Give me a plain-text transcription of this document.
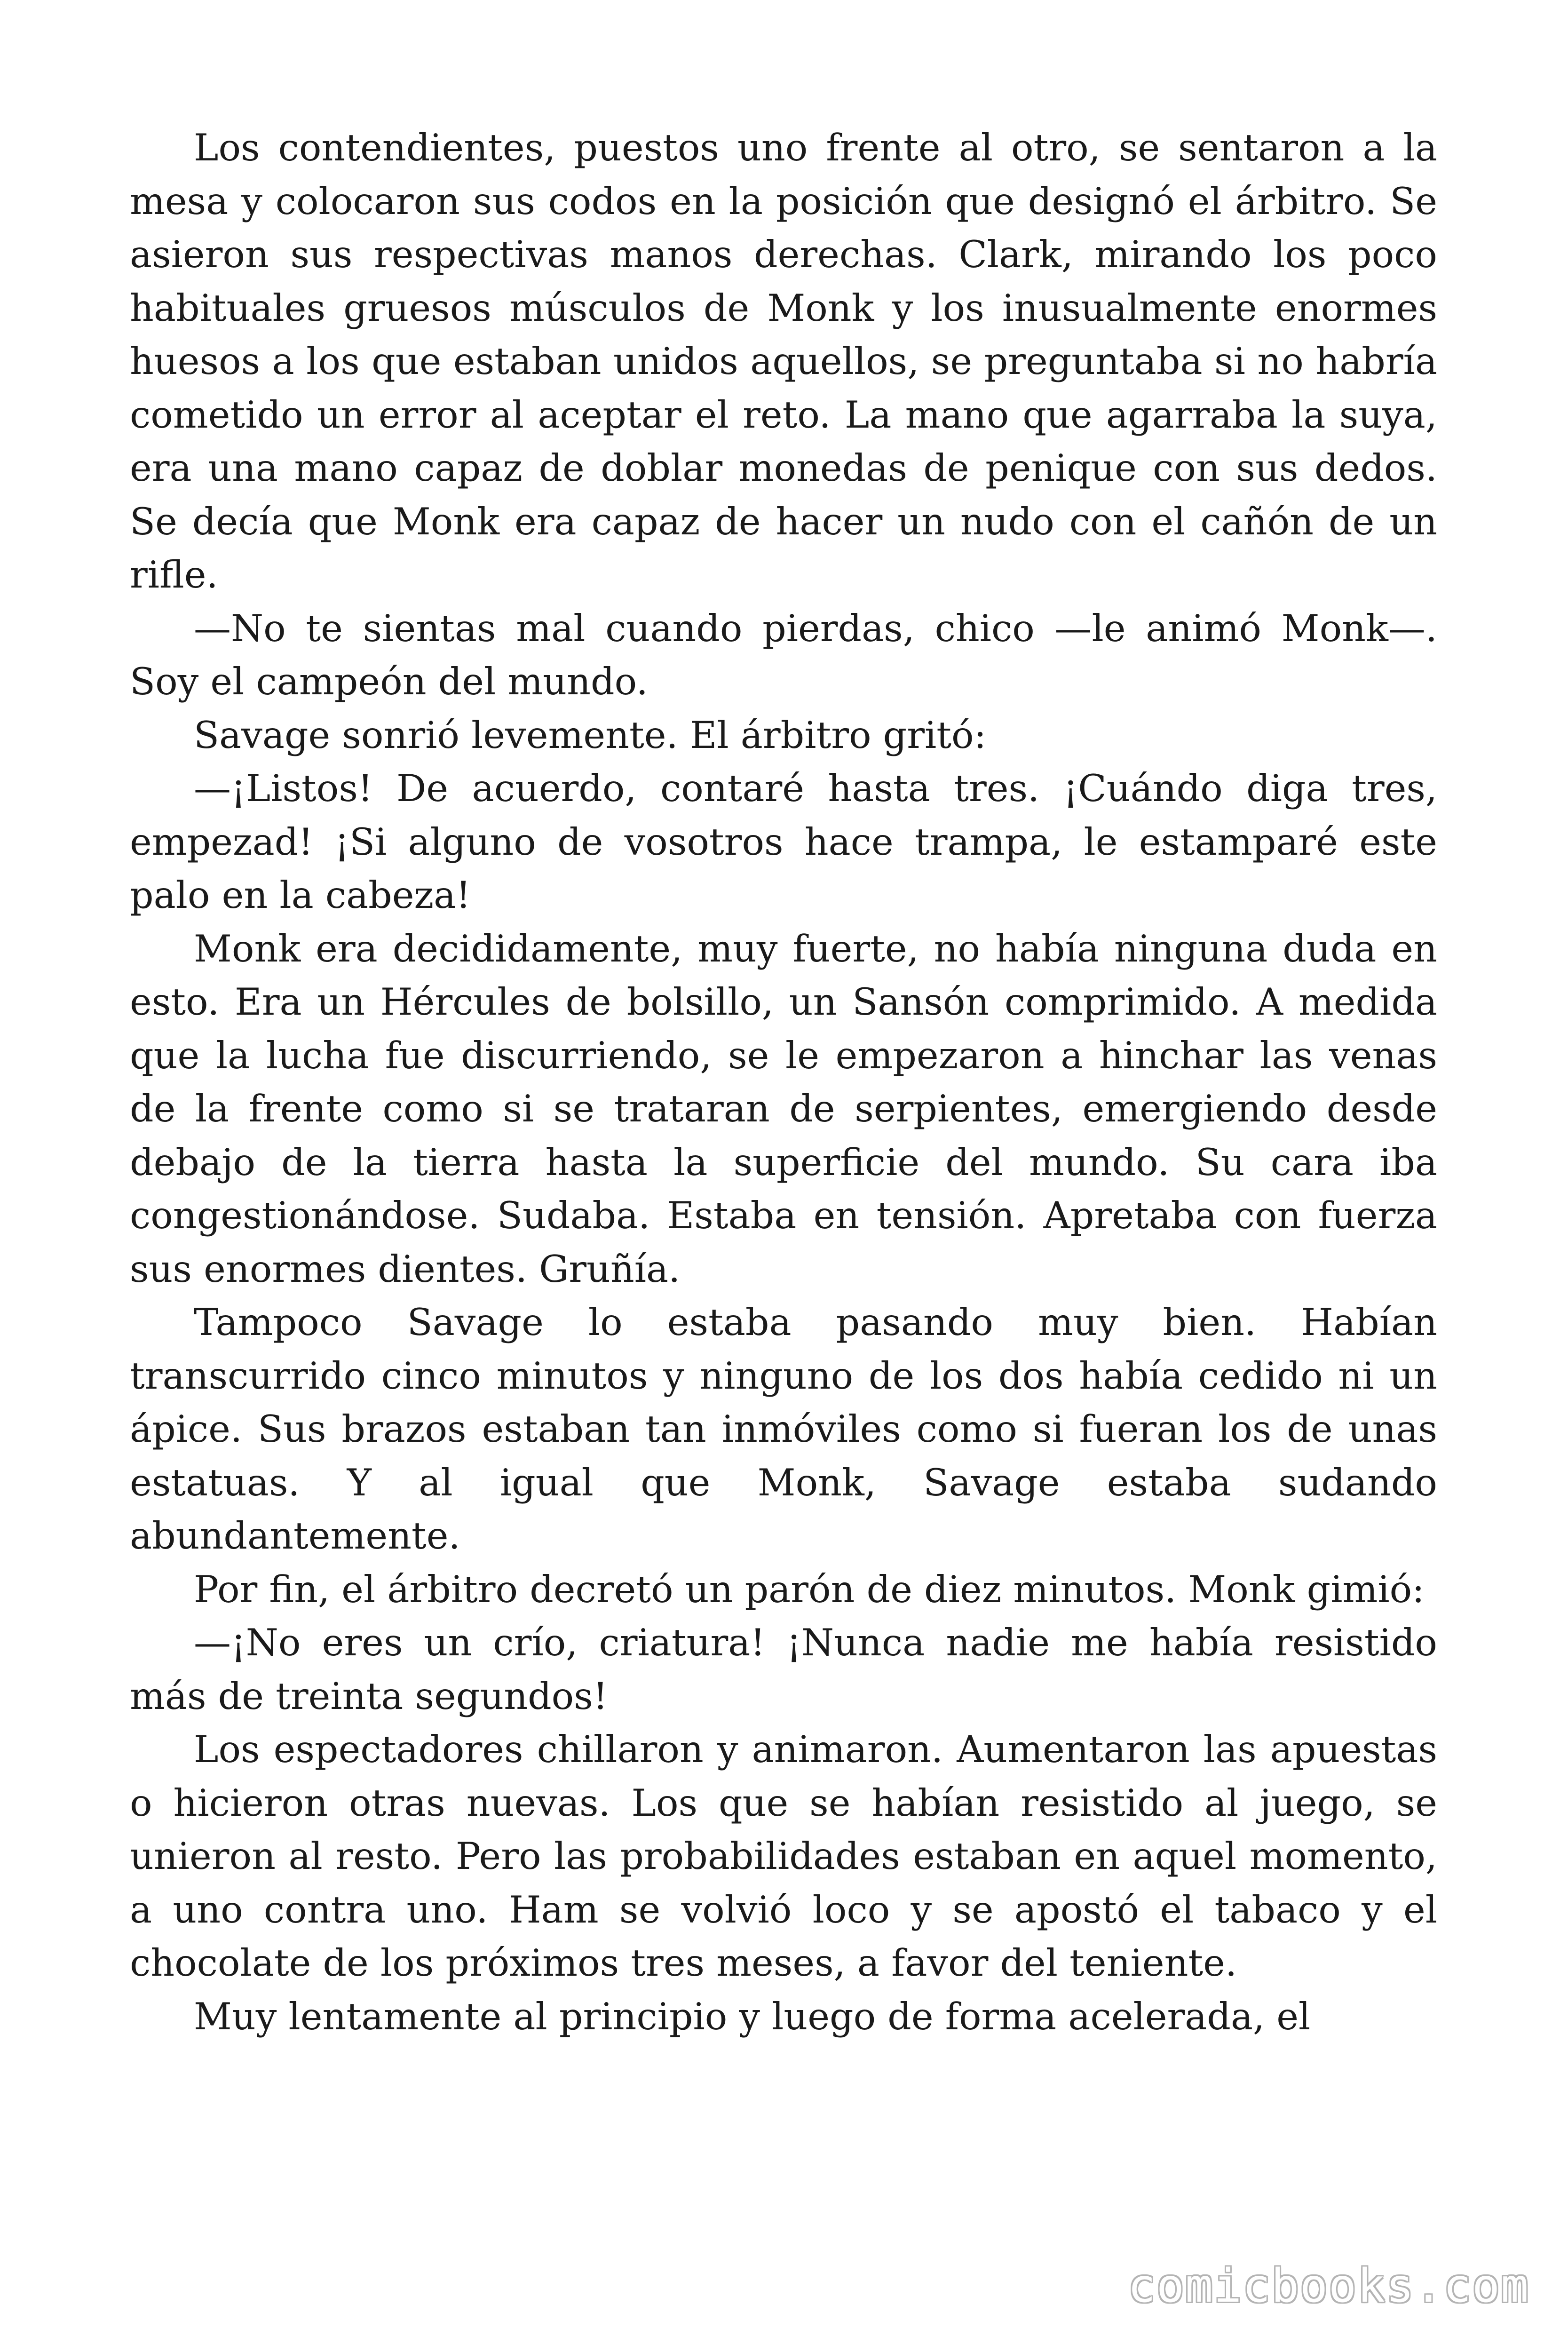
Los contendientes, puestos uno frente al otro, se sentaron a la mesa y colocaron sus codos en la posición que designó el árbitro. Se asieron sus respectivas manos derechas. Clark, mirando los poco habituales gruesos músculos de Monk y los inusualmente enormes huesos a los que estaban unidos aquellos, se preguntaba si no habría cometido un error al aceptar el reto. La mano que agarraba la suya, era una mano capaz de doblar monedas de penique con sus dedos. Se decía que Monk era capaz de hacer un nudo con el cañón de un rifle.

—No te sientas mal cuando pierdas, chico —le animó Monk—. Soy el campeón del mundo.

Savage sonrió levemente. El árbitro gritó:

—¡Listos! De acuerdo, contaré hasta tres. ¡Cuándo diga tres, empezad! ¡Si alguno de vosotros hace trampa, le estamparé este palo en la cabeza!

Monk era decididamente, muy fuerte, no había ninguna duda en esto. Era un Hércules de bolsillo, un Sansón comprimido. A medida que la lucha fue discurriendo, se le empezaron a hinchar las venas de la frente como si se trataran de serpientes, emergiendo desde debajo de la tierra hasta la superficie del mundo. Su cara iba congestionándose. Sudaba. Estaba en tensión. Apretaba con fuerza sus enormes dientes. Gruñía.

Tampoco Savage lo estaba pasando muy bien. Habían transcurrido cinco minutos y ninguno de los dos había cedido ni un ápice. Sus brazos estaban tan inmóviles como si fueran los de unas estatuas. Y al igual que Monk, Savage estaba sudando abundantemente.

Por fin, el árbitro decretó un parón de diez minutos. Monk gimió:

—¡No eres un crío, criatura! ¡Nunca nadie me había resistido más de treinta segundos!

Los espectadores chillaron y animaron. Aumentaron las apuestas o hicieron otras nuevas. Los que se habían resistido al juego, se unieron al resto. Pero las probabilidades estaban en aquel momento, a uno contra uno. Ham se volvió loco y se apostó el tabaco y el chocolate de los próximos tres meses, a favor del teniente.

Muy lentamente al principio y luego de forma acelerada, el

comicbooks.com
